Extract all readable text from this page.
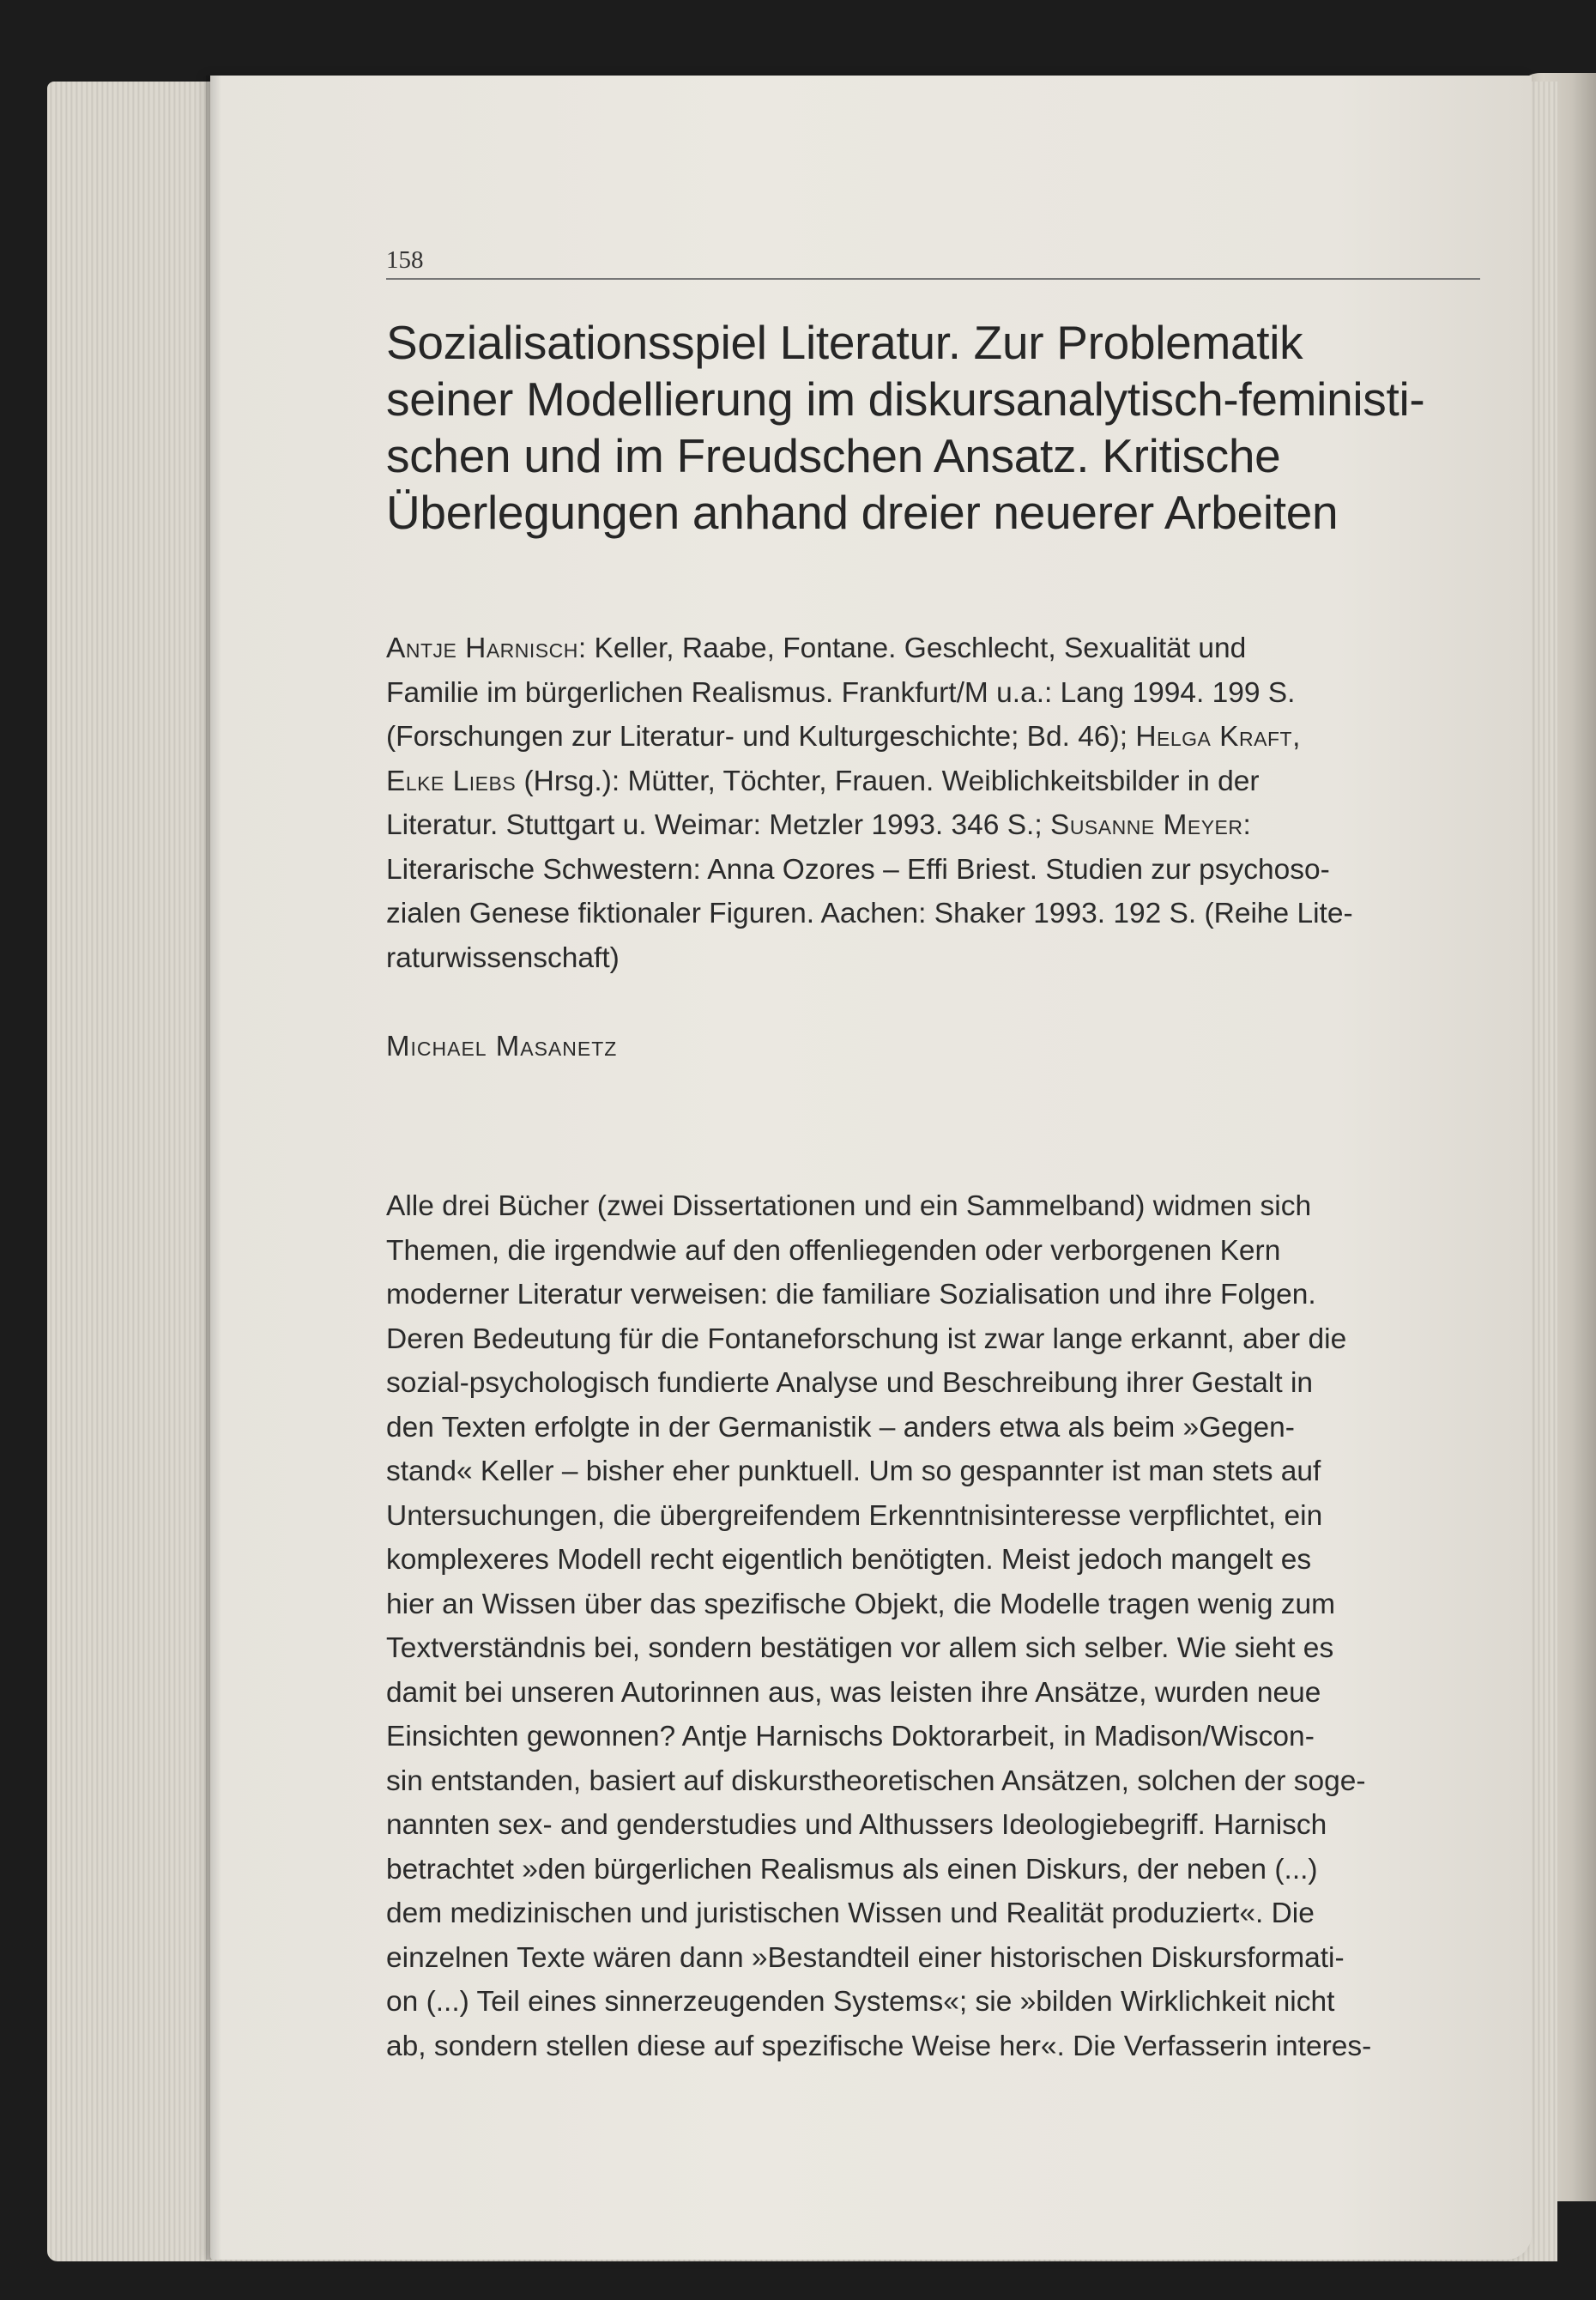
158
Sozialisationsspiel Literatur. Zur Problematik
seiner Modellierung im diskursanalytisch-feministi-
schen und im Freudschen Ansatz. Kritische
Überlegungen anhand dreier neuerer Arbeiten
Antje Harnisch: Keller, Raabe, Fontane. Geschlecht, Sexualität und
Familie im bürgerlichen Realismus. Frankfurt/M u.a.: Lang 1994. 199 S.
(Forschungen zur Literatur- und Kulturgeschichte; Bd. 46); Helga Kraft,
Elke Liebs (Hrsg.): Mütter, Töchter, Frauen. Weiblichkeitsbilder in der
Literatur. Stuttgart u. Weimar: Metzler 1993. 346 S.; Susanne Meyer:
Literarische Schwestern: Anna Ozores – Effi Briest. Studien zur psychoso-
zialen Genese fiktionaler Figuren. Aachen: Shaker 1993. 192 S. (Reihe Lite-
raturwissenschaft)
Michael Masanetz
Alle drei Bücher (zwei Dissertationen und ein Sammelband) widmen sich
Themen, die irgendwie auf den offenliegenden oder verborgenen Kern
moderner Literatur verweisen: die familiare Sozialisation und ihre Folgen.
Deren Bedeutung für die Fontaneforschung ist zwar lange erkannt, aber die
sozial-psychologisch fundierte Analyse und Beschreibung ihrer Gestalt in
den Texten erfolgte in der Germanistik – anders etwa als beim »Gegen-
stand« Keller – bisher eher punktuell. Um so gespannter ist man stets auf
Untersuchungen, die übergreifendem Erkenntnisinteresse verpflichtet, ein
komplexeres Modell recht eigentlich benötigten. Meist jedoch mangelt es
hier an Wissen über das spezifische Objekt, die Modelle tragen wenig zum
Textverständnis bei, sondern bestätigen vor allem sich selber. Wie sieht es
damit bei unseren Autorinnen aus, was leisten ihre Ansätze, wurden neue
Einsichten gewonnen? Antje Harnischs Doktorarbeit, in Madison/Wiscon-
sin entstanden, basiert auf diskurstheoretischen Ansätzen, solchen der soge-
nannten sex- and genderstudies und Althussers Ideologiebegriff. Harnisch
betrachtet »den bürgerlichen Realismus als einen Diskurs, der neben (...)
dem medizinischen und juristischen Wissen und Realität produziert«. Die
einzelnen Texte wären dann »Bestandteil einer historischen Diskursformati-
on (...) Teil eines sinnerzeugenden Systems«; sie »bilden Wirklichkeit nicht
ab, sondern stellen diese auf spezifische Weise her«. Die Verfasserin interes-
